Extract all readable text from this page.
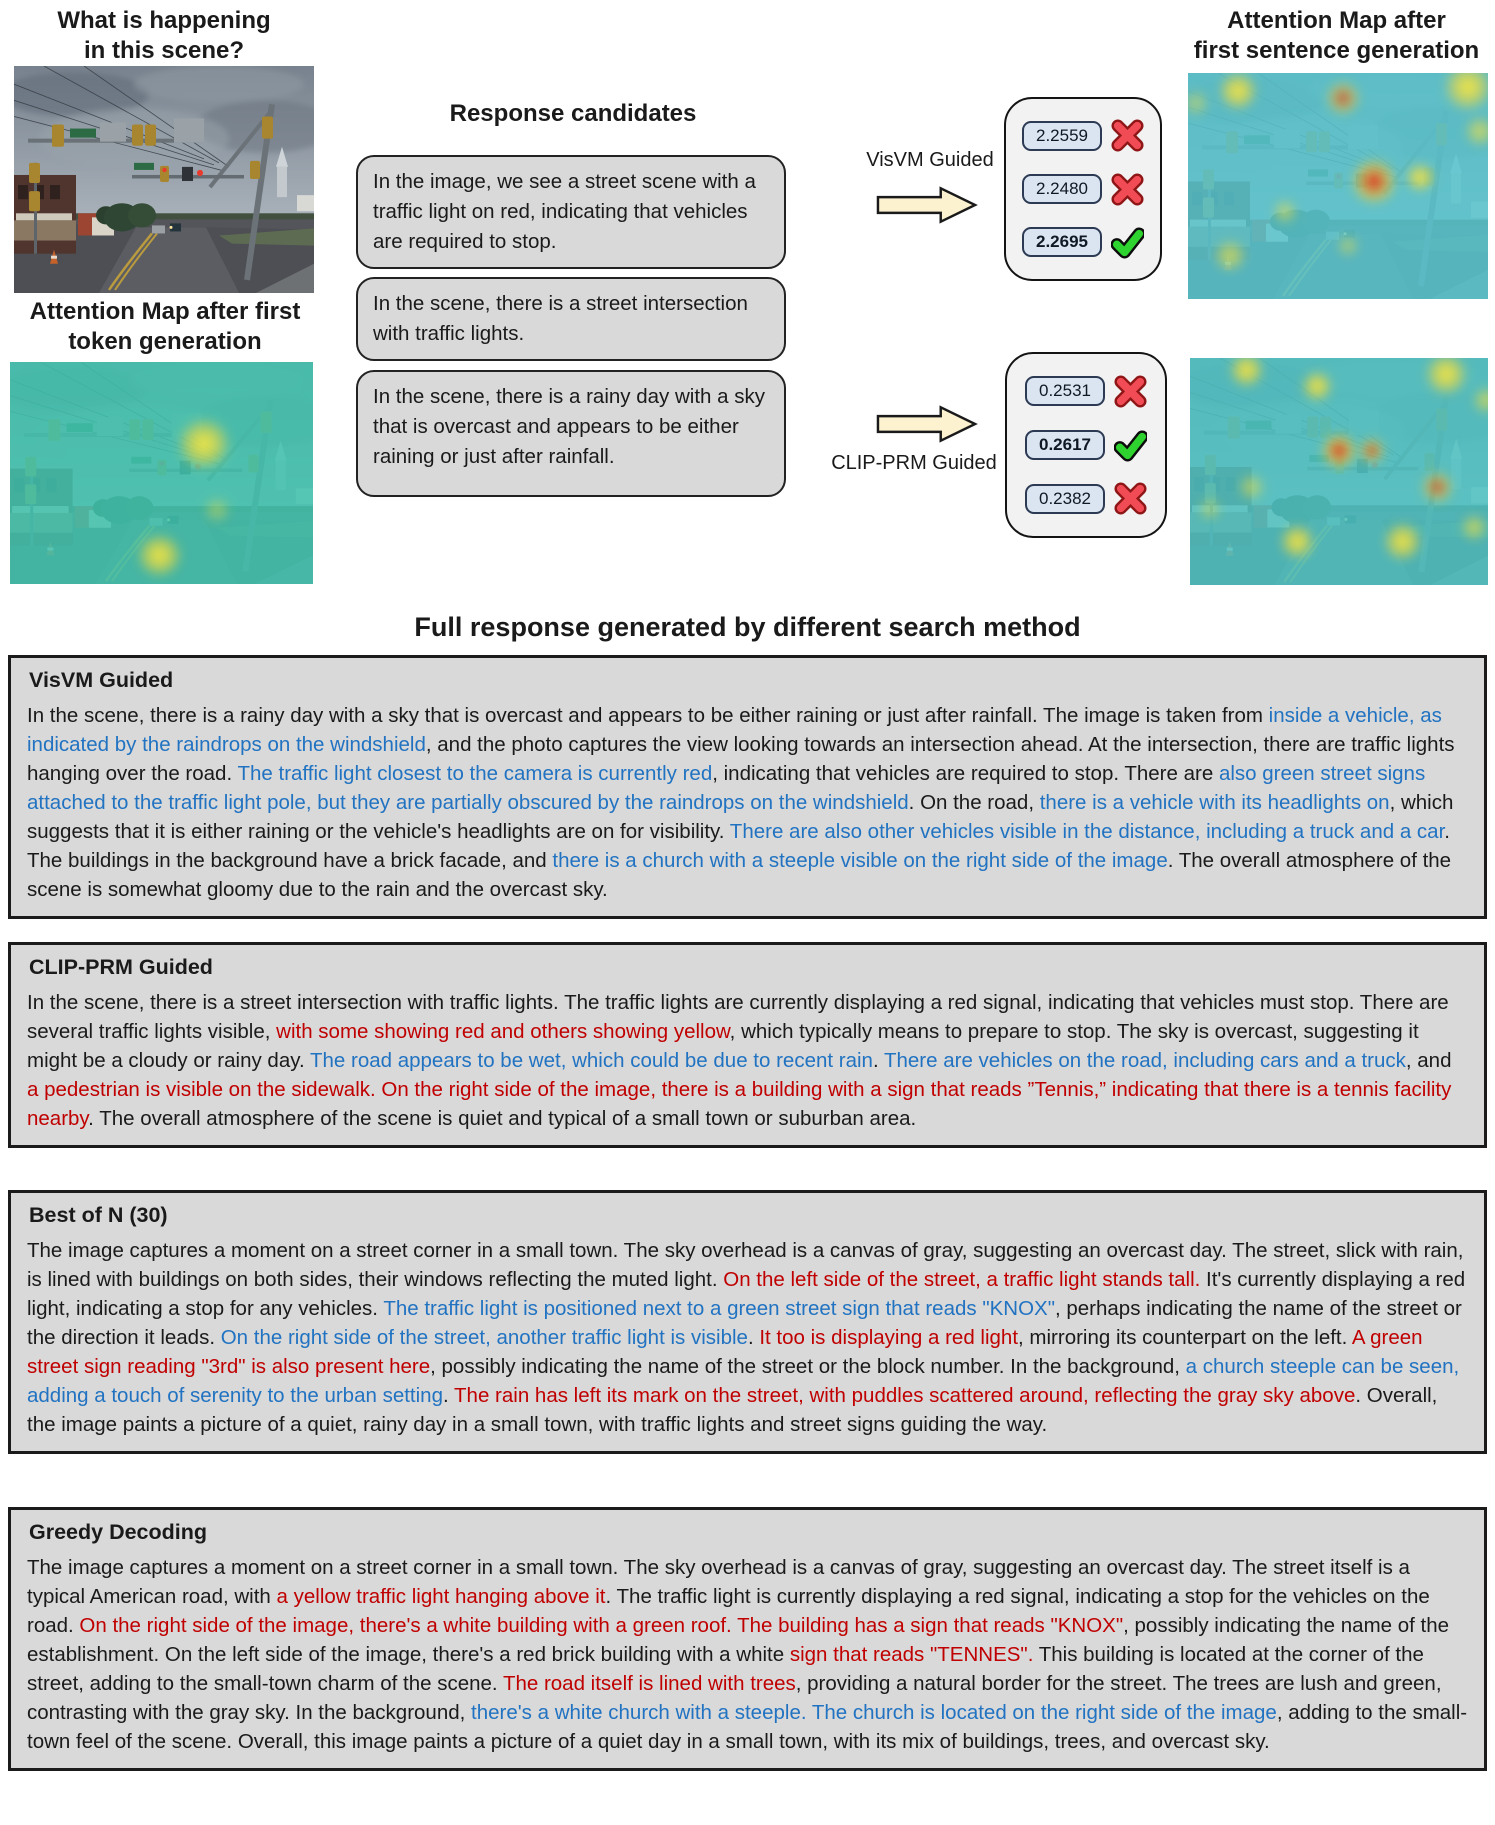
What is happening
in this scene?
Attention Map after first
token generation
Response candidates
In the image, we see a street scene with a traffic light on red, indicating that vehicles are required to stop.
In the scene, there is a street intersection with traffic lights.
In the scene, there is a rainy day with a sky that is overcast and appears to be either raining or just after rainfall.
VisVM Guided
2.2559
2.2480
2.2695
CLIP-PRM Guided
0.2531
0.2617
0.2382
Attention Map after
first sentence generation
Full response generated by different search method
VisVM Guided

In the scene, there is a rainy day with a sky that is overcast and appears to be either raining or just after rainfall. The image is taken from inside a vehicle, as indicated by the raindrops on the windshield, and the photo captures the view looking towards an intersection ahead. At the intersection, there are traffic lights hanging over the road. The traffic light closest to the camera is currently red, indicating that vehicles are required to stop. There are also green street signs attached to the traffic light pole, but they are partially obscured by the raindrops on the windshield. On the road, there is a vehicle with its headlights on, which suggests that it is either raining or the vehicle's headlights are on for visibility. There are also other vehicles visible in the distance, including a truck and a car. The buildings in the background have a brick facade, and there is a church with a steeple visible on the right side of the image. The overall atmosphere of the scene is somewhat gloomy due to the rain and the overcast sky.

CLIP-PRM Guided

In the scene, there is a street intersection with traffic lights. The traffic lights are currently displaying a red signal, indicating that vehicles must stop. There are several traffic lights visible, with some showing red and others showing yellow, which typically means to prepare to stop. The sky is overcast, suggesting it might be a cloudy or rainy day. The road appears to be wet, which could be due to recent rain. There are vehicles on the road, including cars and a truck, and a pedestrian is visible on the sidewalk. On the right side of the image, there is a building with a sign that reads ”Tennis,” indicating that there is a tennis facility nearby. The overall atmosphere of the scene is quiet and typical of a small town or suburban area.

Best of N (30)

The image captures a moment on a street corner in a small town. The sky overhead is a canvas of gray, suggesting an overcast day. The street, slick with rain, is lined with buildings on both sides, their windows reflecting the muted light. On the left side of the street, a traffic light stands tall. It's currently displaying a red light, indicating a stop for any vehicles. The traffic light is positioned next to a green street sign that reads "KNOX", perhaps indicating the name of the street or the direction it leads. On the right side of the street, another traffic light is visible. It too is displaying a red light, mirroring its counterpart on the left. A green street sign reading "3rd" is also present here, possibly indicating the name of the street or the block number. In the background, a church steeple can be seen, adding a touch of serenity to the urban setting. The rain has left its mark on the street, with puddles scattered around, reflecting the gray sky above. Overall, the image paints a picture of a quiet, rainy day in a small town, with traffic lights and street signs guiding the way.

Greedy Decoding

The image captures a moment on a street corner in a small town. The sky overhead is a canvas of gray, suggesting an overcast day. The street itself is a typical American road, with a yellow traffic light hanging above it. The traffic light is currently displaying a red signal, indicating a stop for the vehicles on the road. On the right side of the image, there's a white building with a green roof. The building has a sign that reads "KNOX", possibly indicating the name of the establishment. On the left side of the image, there's a red brick building with a white sign that reads "TENNES". This building is located at the corner of the street, adding to the small-town charm of the scene. The road itself is lined with trees, providing a natural border for the street. The trees are lush and green, contrasting with the gray sky. In the background, there's a white church with a steeple. The church is located on the right side of the image, adding to the small-town feel of the scene. Overall, this image paints a picture of a quiet day in a small town, with its mix of buildings, trees, and overcast sky.
